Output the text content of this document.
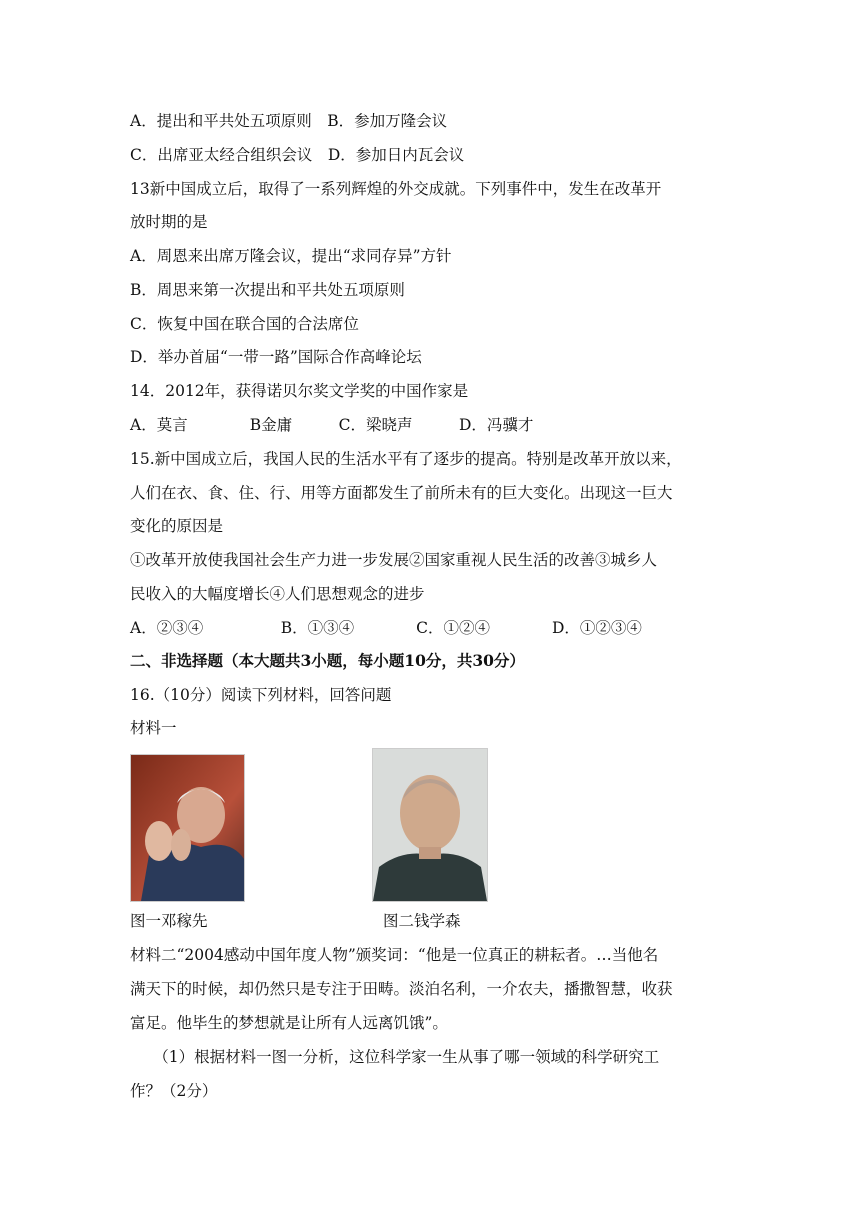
A．提出和平共处五项原则　B．参加万隆会议
C．出席亚太经合组织会议　D．参加日内瓦会议
13新中国成立后，取得了一系列辉煌的外交成就。下列事件中，发生在改革开
放时期的是
A．周恩来出席万隆会议，提出“求同存异”方针
B．周思来第一次提出和平共处五项原则
C．恢复中国在联合国的合法席位
D．举办首届“一带一路”国际合作高峰论坛
14．2012年，获得诺贝尔奖文学奖的中国作家是
A．莫言　　　　B金庸　　　C．梁晓声　　　D．冯骥才
15.新中国成立后，我国人民的生活水平有了逐步的提高。特别是改革开放以来，
人们在衣、食、住、行、用等方面都发生了前所未有的巨大变化。出现这一巨大
变化的原因是
①改革开放使我国社会生产力进一步发展②国家重视人民生活的改善③城乡人
民收入的大幅度增长④人们思想观念的进步
A．②③④　　　　　B．①③④　　　　C．①②④　　　　D．①②③④
二、非选择题（本大题共3小题，每小题10分，共30分）
16.（10分）阅读下列材料，回答问题
材料一
图一邓稼先	图二钱学森
材料二“2004感动中国年度人物”颁奖词：“他是一位真正的耕耘者。…当他名
满天下的时候，却仍然只是专注于田畴。淡泊名利，一介农夫，播撒智慧，收获
富足。他毕生的梦想就是让所有人远离饥饿”。
　　（1）根据材料一图一分析，这位科学家一生从事了哪一领域的科学研究工
作？（2分）
